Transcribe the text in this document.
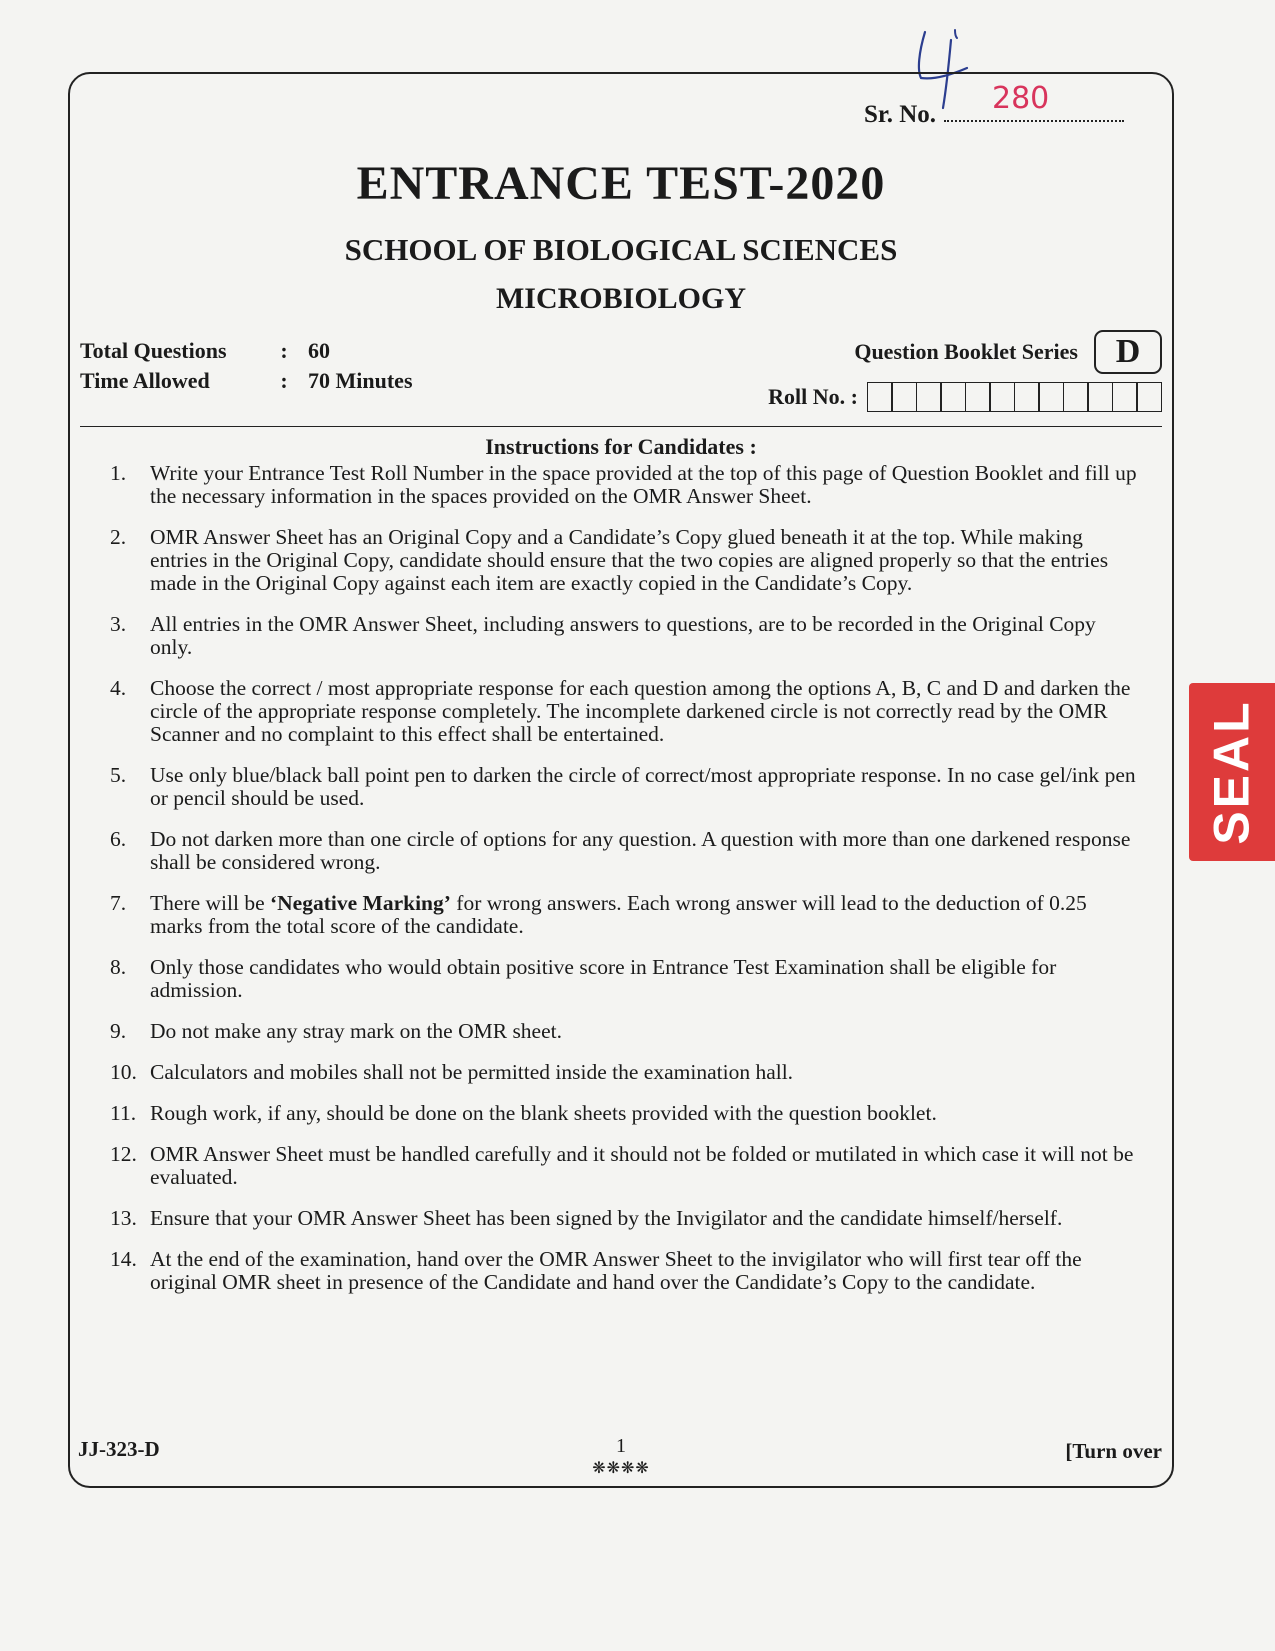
SEAL
Sr. No. 280
ENTRANCE TEST-2020
SCHOOL OF BIOLOGICAL SCIENCES
MICROBIOLOGY
Total Questions	: 60
Time Allowed	: 70 Minutes
Question Booklet Series	D
Roll No. :
Instructions for Candidates :
1.	Write your Entrance Test Roll Number in the space provided at the top of this page of Question Booklet and fill up the necessary information in the spaces provided on the OMR Answer Sheet.
2.	OMR Answer Sheet has an Original Copy and a Candidate’s Copy glued beneath it at the top. While making entries in the Original Copy, candidate should ensure that the two copies are aligned properly so that the entries made in the Original Copy against each item are exactly copied in the Candidate’s Copy.
3.	All entries in the OMR Answer Sheet, including answers to questions, are to be recorded in the Original Copy only.
4.	Choose the correct / most appropriate response for each question among the options A, B, C and D and darken the circle of the appropriate response completely. The incomplete darkened circle is not correctly read by the OMR Scanner and no complaint to this effect shall be entertained.
5.	Use only blue/black ball point pen to darken the circle of correct/most appropriate response. In no case gel/ink pen or pencil should be used.
6.	Do not darken more than one circle of options for any question. A question with more than one darkened response shall be considered wrong.
7.	There will be ‘Negative Marking’ for wrong answers. Each wrong answer will lead to the deduction of 0.25 marks from the total score of the candidate.
8.	Only those candidates who would obtain positive score in Entrance Test Examination shall be eligible for admission.
9.	Do not make any stray mark on the OMR sheet.
10. Calculators and mobiles shall not be permitted inside the examination hall.
11. Rough work, if any, should be done on the blank sheets provided with the question booklet.
12. OMR Answer Sheet must be handled carefully and it should not be folded or mutilated in which case it will not be evaluated.
13. Ensure that your OMR Answer Sheet has been signed by the Invigilator and the candidate himself/herself.
14. At the end of the examination, hand over the OMR Answer Sheet to the invigilator who will first tear off the original OMR sheet in presence of the Candidate and hand over the Candidate’s Copy to the candidate.
JJ-323-D	1
❋❋❋❋
[Turn over
